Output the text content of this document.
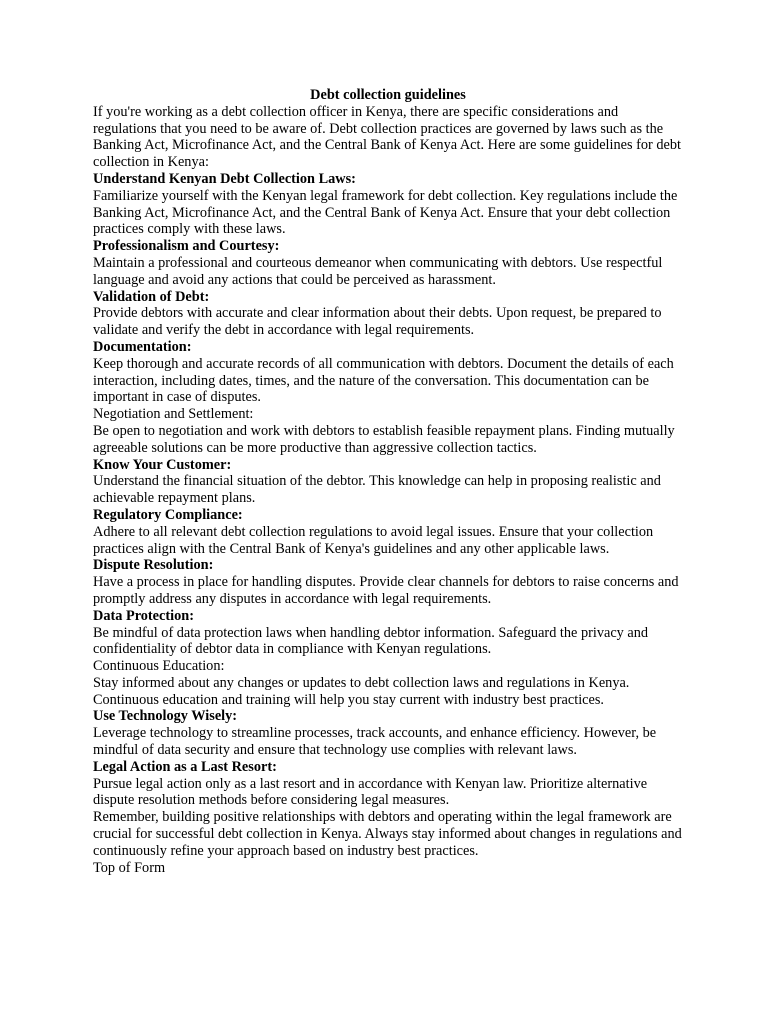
Debt collection guidelines

If you're working as a debt collection officer in Kenya, there are specific considerations and regulations that you need to be aware of. Debt collection practices are governed by laws such as the Banking Act, Microfinance Act, and the Central Bank of Kenya Act. Here are some guidelines for debt collection in Kenya:

Understand Kenyan Debt Collection Laws:

Familiarize yourself with the Kenyan legal framework for debt collection. Key regulations include the Banking Act, Microfinance Act, and the Central Bank of Kenya Act. Ensure that your debt collection practices comply with these laws.

Professionalism and Courtesy:

Maintain a professional and courteous demeanor when communicating with debtors. Use respectful language and avoid any actions that could be perceived as harassment.

Validation of Debt:

Provide debtors with accurate and clear information about their debts. Upon request, be prepared to validate and verify the debt in accordance with legal requirements.

Documentation:

Keep thorough and accurate records of all communication with debtors. Document the details of each interaction, including dates, times, and the nature of the conversation. This documentation can be important in case of disputes.

Negotiation and Settlement:

Be open to negotiation and work with debtors to establish feasible repayment plans. Finding mutually agreeable solutions can be more productive than aggressive collection tactics.

Know Your Customer:

Understand the financial situation of the debtor. This knowledge can help in proposing realistic and achievable repayment plans.

Regulatory Compliance:

Adhere to all relevant debt collection regulations to avoid legal issues. Ensure that your collection practices align with the Central Bank of Kenya's guidelines and any other applicable laws.

Dispute Resolution:

Have a process in place for handling disputes. Provide clear channels for debtors to raise concerns and promptly address any disputes in accordance with legal requirements.

Data Protection:

Be mindful of data protection laws when handling debtor information. Safeguard the privacy and confidentiality of debtor data in compliance with Kenyan regulations.

Continuous Education:

Stay informed about any changes or updates to debt collection laws and regulations in Kenya. Continuous education and training will help you stay current with industry best practices.

Use Technology Wisely:

Leverage technology to streamline processes, track accounts, and enhance efficiency. However, be mindful of data security and ensure that technology use complies with relevant laws.

Legal Action as a Last Resort:

Pursue legal action only as a last resort and in accordance with Kenyan law. Prioritize alternative dispute resolution methods before considering legal measures.

Remember, building positive relationships with debtors and operating within the legal framework are crucial for successful debt collection in Kenya. Always stay informed about changes in regulations and continuously refine your approach based on industry best practices.

Top of Form
